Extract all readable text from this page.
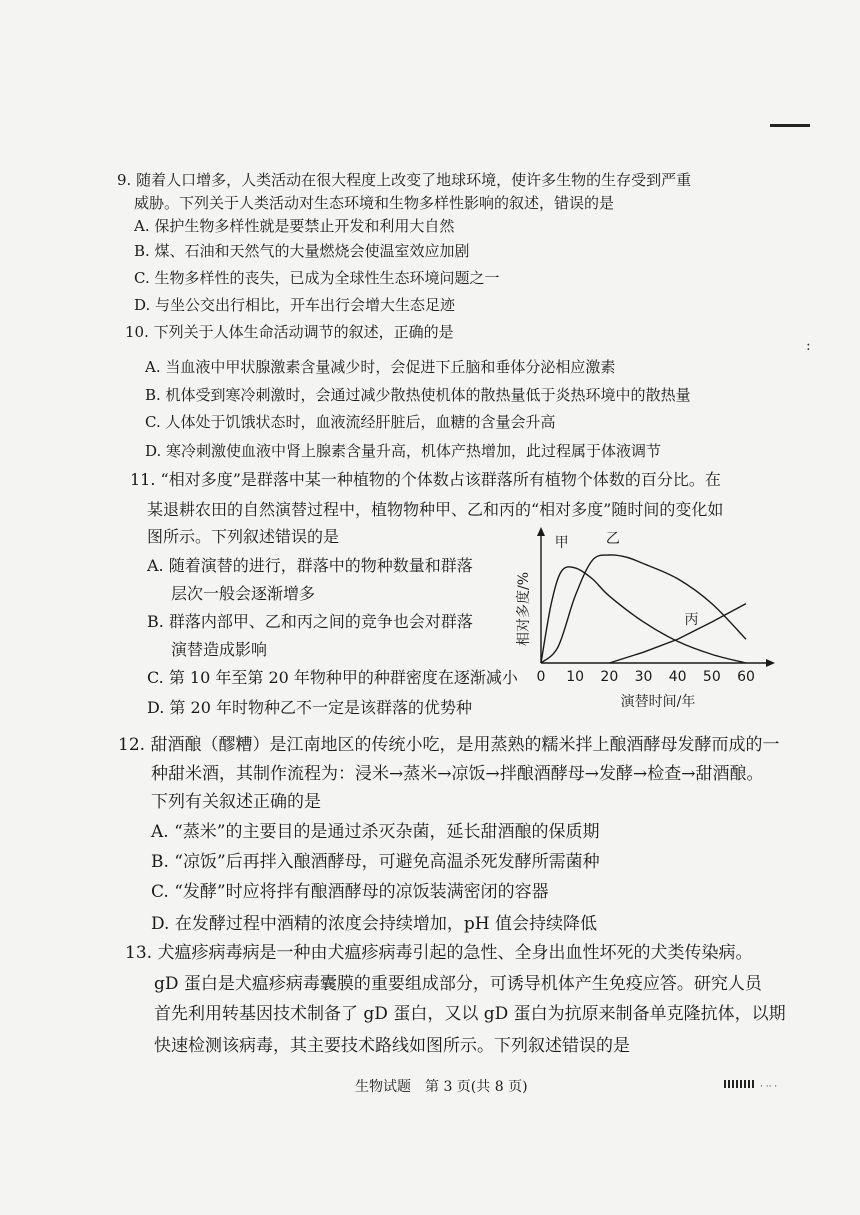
9. 随着人口增多，人类活动在很大程度上改变了地球环境，使许多生物的生存受到严重
威胁。下列关于人类活动对生态环境和生物多样性影响的叙述，错误的是
A. 保护生物多样性就是要禁止开发和利用大自然
B. 煤、石油和天然气的大量燃烧会使温室效应加剧
C. 生物多样性的丧失，已成为全球性生态环境问题之一
D. 与坐公交出行相比，开车出行会增大生态足迹
10. 下列关于人体生命活动调节的叙述，正确的是
:
A. 当血液中甲状腺激素含量减少时，会促进下丘脑和垂体分泌相应激素
B. 机体受到寒冷刺激时，会通过减少散热使机体的散热量低于炎热环境中的散热量
C. 人体处于饥饿状态时，血液流经肝脏后，血糖的含量会升高
D. 寒冷刺激使血液中肾上腺素含量升高，机体产热增加，此过程属于体液调节
11. “相对多度”是群落中某一种植物的个体数占该群落所有植物个体数的百分比。在
某退耕农田的自然演替过程中，植物物种甲、乙和丙的“相对多度”随时间的变化如
图所示。下列叙述错误的是
A. 随着演替的进行，群落中的物种数量和群落
层次一般会逐渐增多
B. 群落内部甲、乙和丙之间的竞争也会对群落
演替造成影响
C. 第 10 年至第 20 年物种甲的种群密度在逐渐减小
D. 第 20 年时物种乙不一定是该群落的优势种
0 10 20 30 40 50 60
相对多度/%
演替时间/年
甲	乙
丙
12. 甜酒酿（醪糟）是江南地区的传统小吃，是用蒸熟的糯米拌上酿酒酵母发酵而成的一
种甜米酒，其制作流程为：浸米→蒸米→凉饭→拌酿酒酵母→发酵→检查→甜酒酿。
下列有关叙述正确的是
A. “蒸米”的主要目的是通过杀灭杂菌，延长甜酒酿的保质期
B. “凉饭”后再拌入酿酒酵母，可避免高温杀死发酵所需菌种
C. “发酵”时应将拌有酿酒酵母的凉饭装满密闭的容器
D. 在发酵过程中酒精的浓度会持续增加，pH 值会持续降低
13. 犬瘟疹病毒病是一种由犬瘟疹病毒引起的急性、全身出血性坏死的犬类传染病。
gD 蛋白是犬瘟疹病毒囊膜的重要组成部分，可诱导机体产生免疫应答。研究人员
首先利用转基因技术制备了 gD 蛋白，又以 gD 蛋白为抗原来制备单克隆抗体，以期
快速检测该病毒，其主要技术路线如图所示。下列叙述错误的是
生物试题　第 3 页(共 8 页)	· ·· ·
